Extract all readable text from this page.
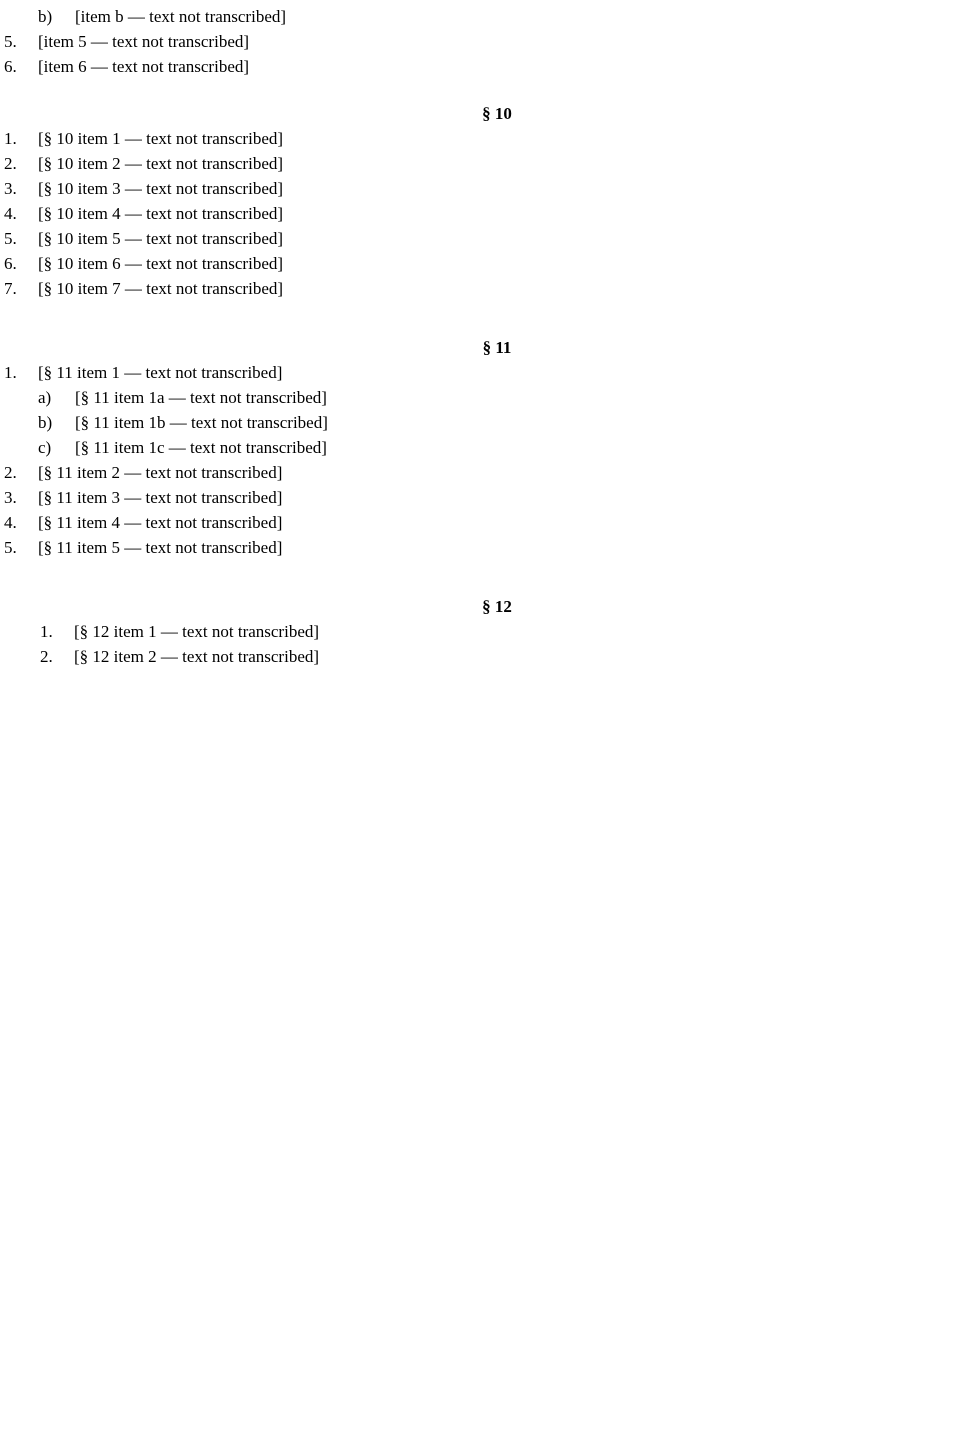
b) [item b — text not transcribed]
5. [item 5 — text not transcribed]
6. [item 6 — text not transcribed]

§ 10

1. [§ 10 item 1 — text not transcribed]
2. [§ 10 item 2 — text not transcribed]
3. [§ 10 item 3 — text not transcribed]
4. [§ 10 item 4 — text not transcribed]
5. [§ 10 item 5 — text not transcribed]
6. [§ 10 item 6 — text not transcribed]
7. [§ 10 item 7 — text not transcribed]

§ 11

1. [§ 11 item 1 — text not transcribed]
a) [§ 11 item 1a — text not transcribed]
b) [§ 11 item 1b — text not transcribed]
c) [§ 11 item 1c — text not transcribed]
2. [§ 11 item 2 — text not transcribed]
3. [§ 11 item 3 — text not transcribed]
4. [§ 11 item 4 — text not transcribed]
5. [§ 11 item 5 — text not transcribed]

§ 12

1. [§ 12 item 1 — text not transcribed]
2. [§ 12 item 2 — text not transcribed]
